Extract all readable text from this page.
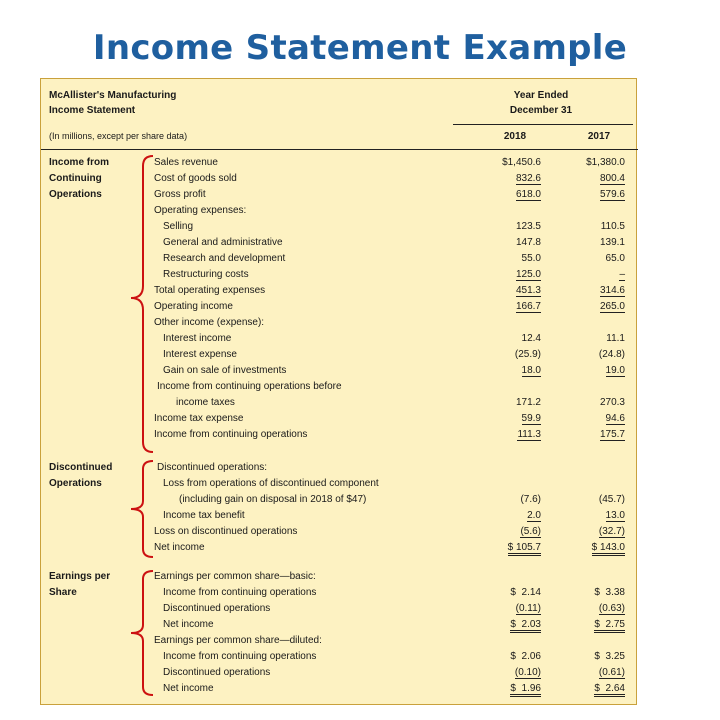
Income Statement Example
McAllister's Manufacturing
Income Statement
Year Ended
December 31
(In millions, except per share data)	2018	2017
Income from Continuing Operations
Discontinued Operations
Earnings per Share
Sales revenue	$1,450.6	$1,380.0
Cost of goods sold	832.6	800.4
Gross profit	618.0	579.6
Operating expenses:
Selling	123.5	110.5
General and administrative	147.8	139.1
Research and development	55.0	65.0
Restructuring costs	125.0	–
Total operating expenses	451.3	314.6
Operating income	166.7	265.0
Other income (expense):
Interest income	12.4	11.1
Interest expense	(25.9)	(24.8)
Gain on sale of investments	18.0	19.0
Income from continuing operations before
income taxes	171.2	270.3
Income tax expense	59.9	94.6
Income from continuing operations	111.3	175.7
Discontinued operations:
Loss from operations of discontinued component
(including gain on disposal in 2018 of $47)	(7.6)	(45.7)
Income tax benefit	2.0	13.0
Loss on discontinued operations	(5.6)	(32.7)
Net income	$ 105.7	$ 143.0
Earnings per common share—basic:
Income from continuing operations	$  2.14	$  3.38
Discontinued operations	(0.11)	(0.63)
Net income	$  2.03	$  2.75
Earnings per common share—diluted:
Income from continuing operations	$  2.06	$  3.25
Discontinued operations	(0.10)	(0.61)
Net income	$  1.96	$  2.64
